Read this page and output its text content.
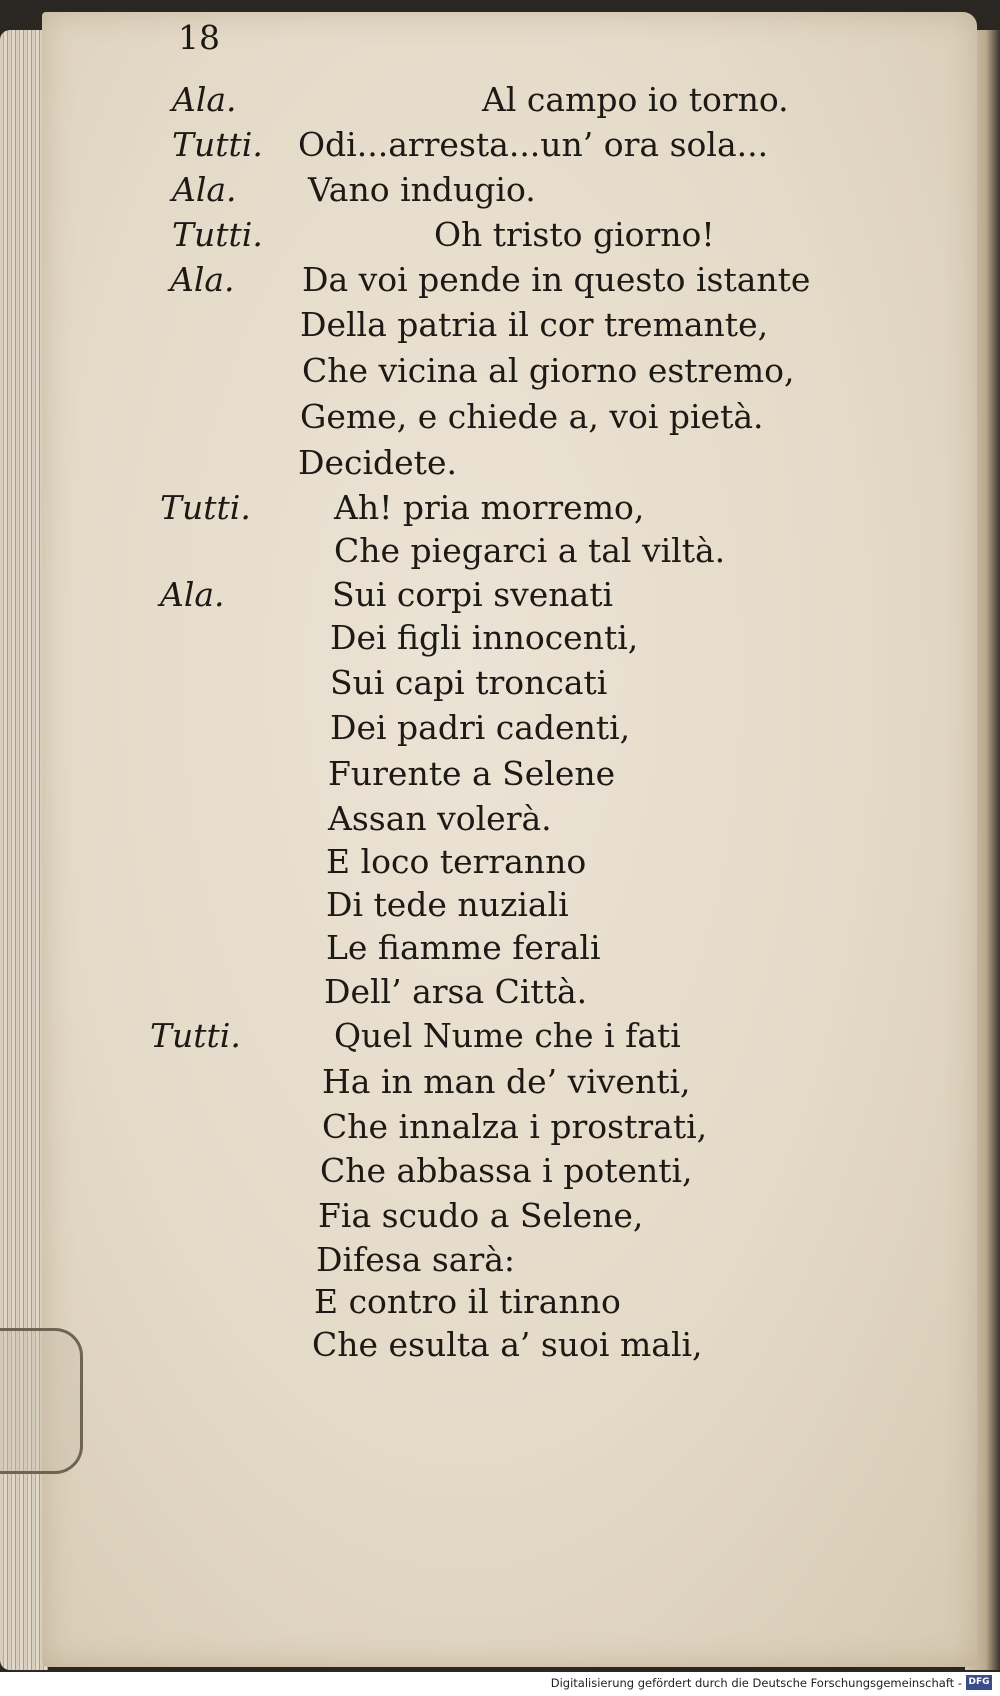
18
Ala.
Tutti.
Ala.
Tutti.
Ala.
Tutti.
Ala.
Tutti.
Al campo io torno.
Odi...arresta...un’ ora sola...
Vano indugio.
Oh tristo giorno!
Da voi pende in questo istante
Della patria il cor tremante,
Che vicina al giorno estremo,
Geme, e chiede a, voi pietà.
Decidete.
Ah! pria morremo,
Che piegarci a tal viltà.
Sui corpi svenati
Dei figli innocenti,
Sui capi troncati
Dei padri cadenti,
Furente a Selene
Assan volerà.
E loco terranno
Di tede nuziali
Le fiamme ferali
Dell’ arsa Città.
Quel Nume che i fati
Ha in man de’ viventi,
Che innalza i prostrati,
Che abbassa i potenti,
Fia scudo a Selene,
Difesa sarà:
E contro il tiranno
Che esulta a’ suoi mali,
Digitalisierung gefördert durch die Deutsche Forschungsgemeinschaft - DFG
